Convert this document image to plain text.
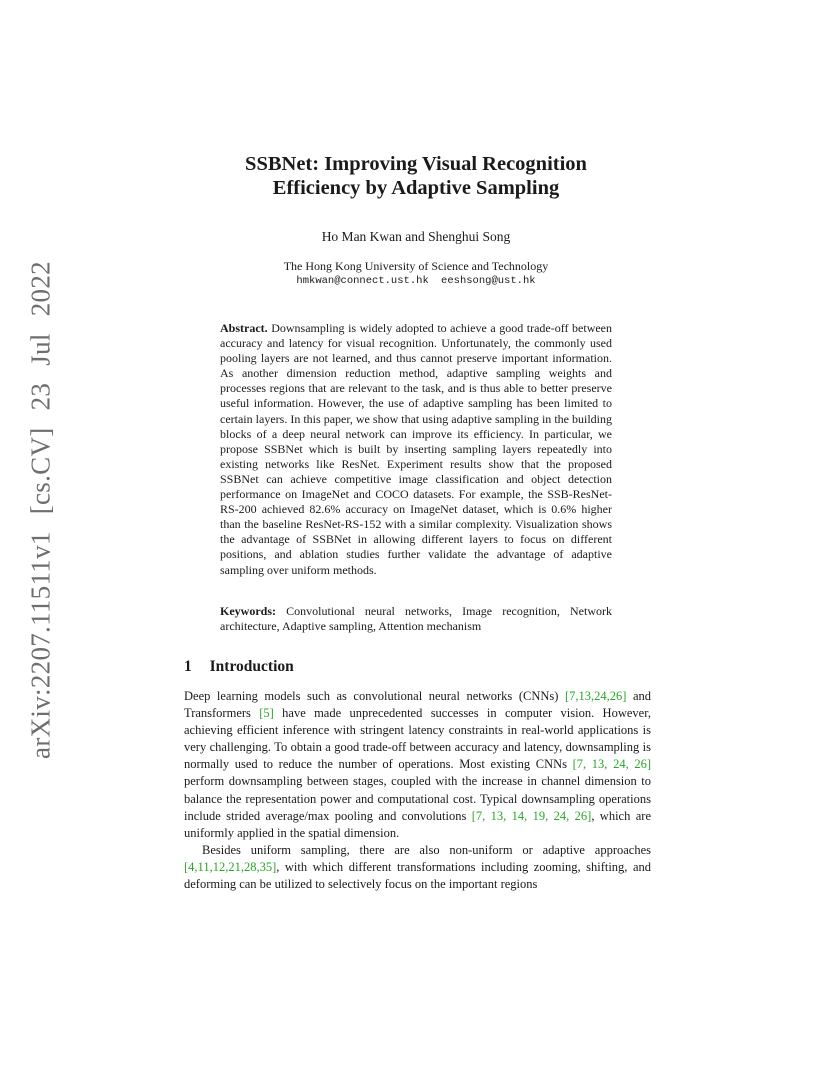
arXiv:2207.11511v1 [cs.CV] 23 Jul 2022
SSBNet: Improving Visual Recognition
Efficiency by Adaptive Sampling
Ho Man Kwan and Shenghui Song
The Hong Kong University of Science and Technology
hmkwan@connect.ust.hk eeshsong@ust.hk

Abstract. Downsampling is widely adopted to achieve a good trade-off between accuracy and latency for visual recognition. Unfortunately, the commonly used pooling layers are not learned, and thus cannot preserve important information. As another dimension reduction method, adaptive sampling weights and processes regions that are relevant to the task, and is thus able to better preserve useful information. However, the use of adaptive sampling has been limited to certain layers. In this paper, we show that using adaptive sampling in the building blocks of a deep neural network can improve its efficiency. In particular, we propose SSBNet which is built by inserting sampling layers repeatedly into existing networks like ResNet. Experiment results show that the proposed SSBNet can achieve competitive image classification and object detection performance on ImageNet and COCO datasets. For example, the SSB-ResNet-RS-200 achieved 82.6% accuracy on ImageNet dataset, which is 0.6% higher than the baseline ResNet-RS-152 with a similar complexity. Visualization shows the advantage of SSBNet in allowing different layers to focus on different positions, and ablation studies further validate the advantage of adaptive sampling over uniform methods.

Keywords: Convolutional neural networks, Image recognition, Network architecture, Adaptive sampling, Attention mechanism

1 Introduction

Deep learning models such as convolutional neural networks (CNNs) [7,13,24,26] and Transformers [5] have made unprecedented successes in computer vision. However, achieving efficient inference with stringent latency constraints in real-world applications is very challenging. To obtain a good trade-off between accuracy and latency, downsampling is normally used to reduce the number of operations. Most existing CNNs [7, 13, 24, 26] perform downsampling between stages, coupled with the increase in channel dimension to balance the representation power and computational cost. Typical downsampling operations include strided average/max pooling and convolutions [7, 13, 14, 19, 24, 26], which are uniformly applied in the spatial dimension.

Besides uniform sampling, there are also non-uniform or adaptive approaches [4,11,12,21,28,35], with which different transformations including zooming, shifting, and deforming can be utilized to selectively focus on the important regions
